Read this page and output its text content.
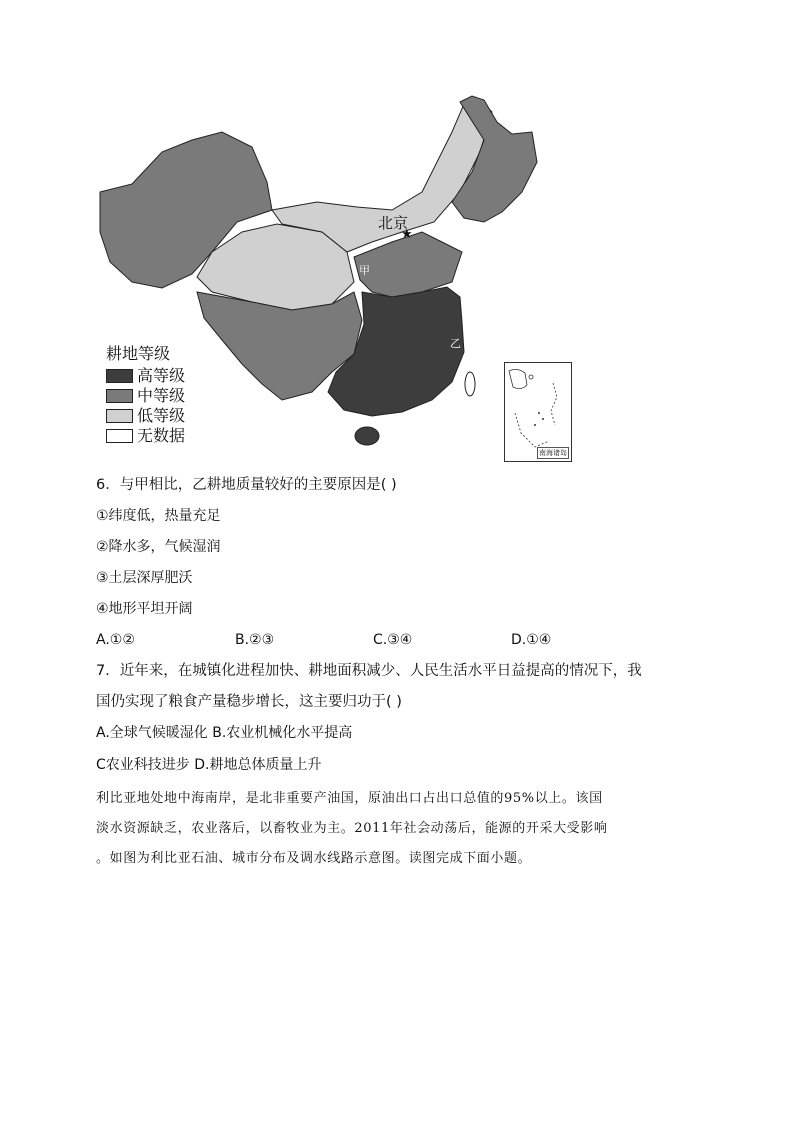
★
北京
甲
乙
耕地等级
高等级
中等级
低等级
无数据
南海诸岛
6．与甲相比，乙耕地质量较好的主要原因是( )
①纬度低，热量充足
②降水多，气候湿润
③土层深厚肥沃
④地形平坦开阔
A.①②	B.②③	C.③④	D.①④
7．近年来，在城镇化进程加快、耕地面积减少、人民生活水平日益提高的情况下，我
国仍实现了粮食产量稳步增长，这主要归功于( )
A.全球气候暖湿化 B.农业机械化水平提高
C农业科技进步 D.耕地总体质量上升
利比亚地处地中海南岸，是北非重要产油国，原油出口占出口总值的95%以上。该国
淡水资源缺乏，农业落后，以畜牧业为主。2011年社会动荡后，能源的开采大受影响
。如图为利比亚石油、城市分布及调水线路示意图。读图完成下面小题。
